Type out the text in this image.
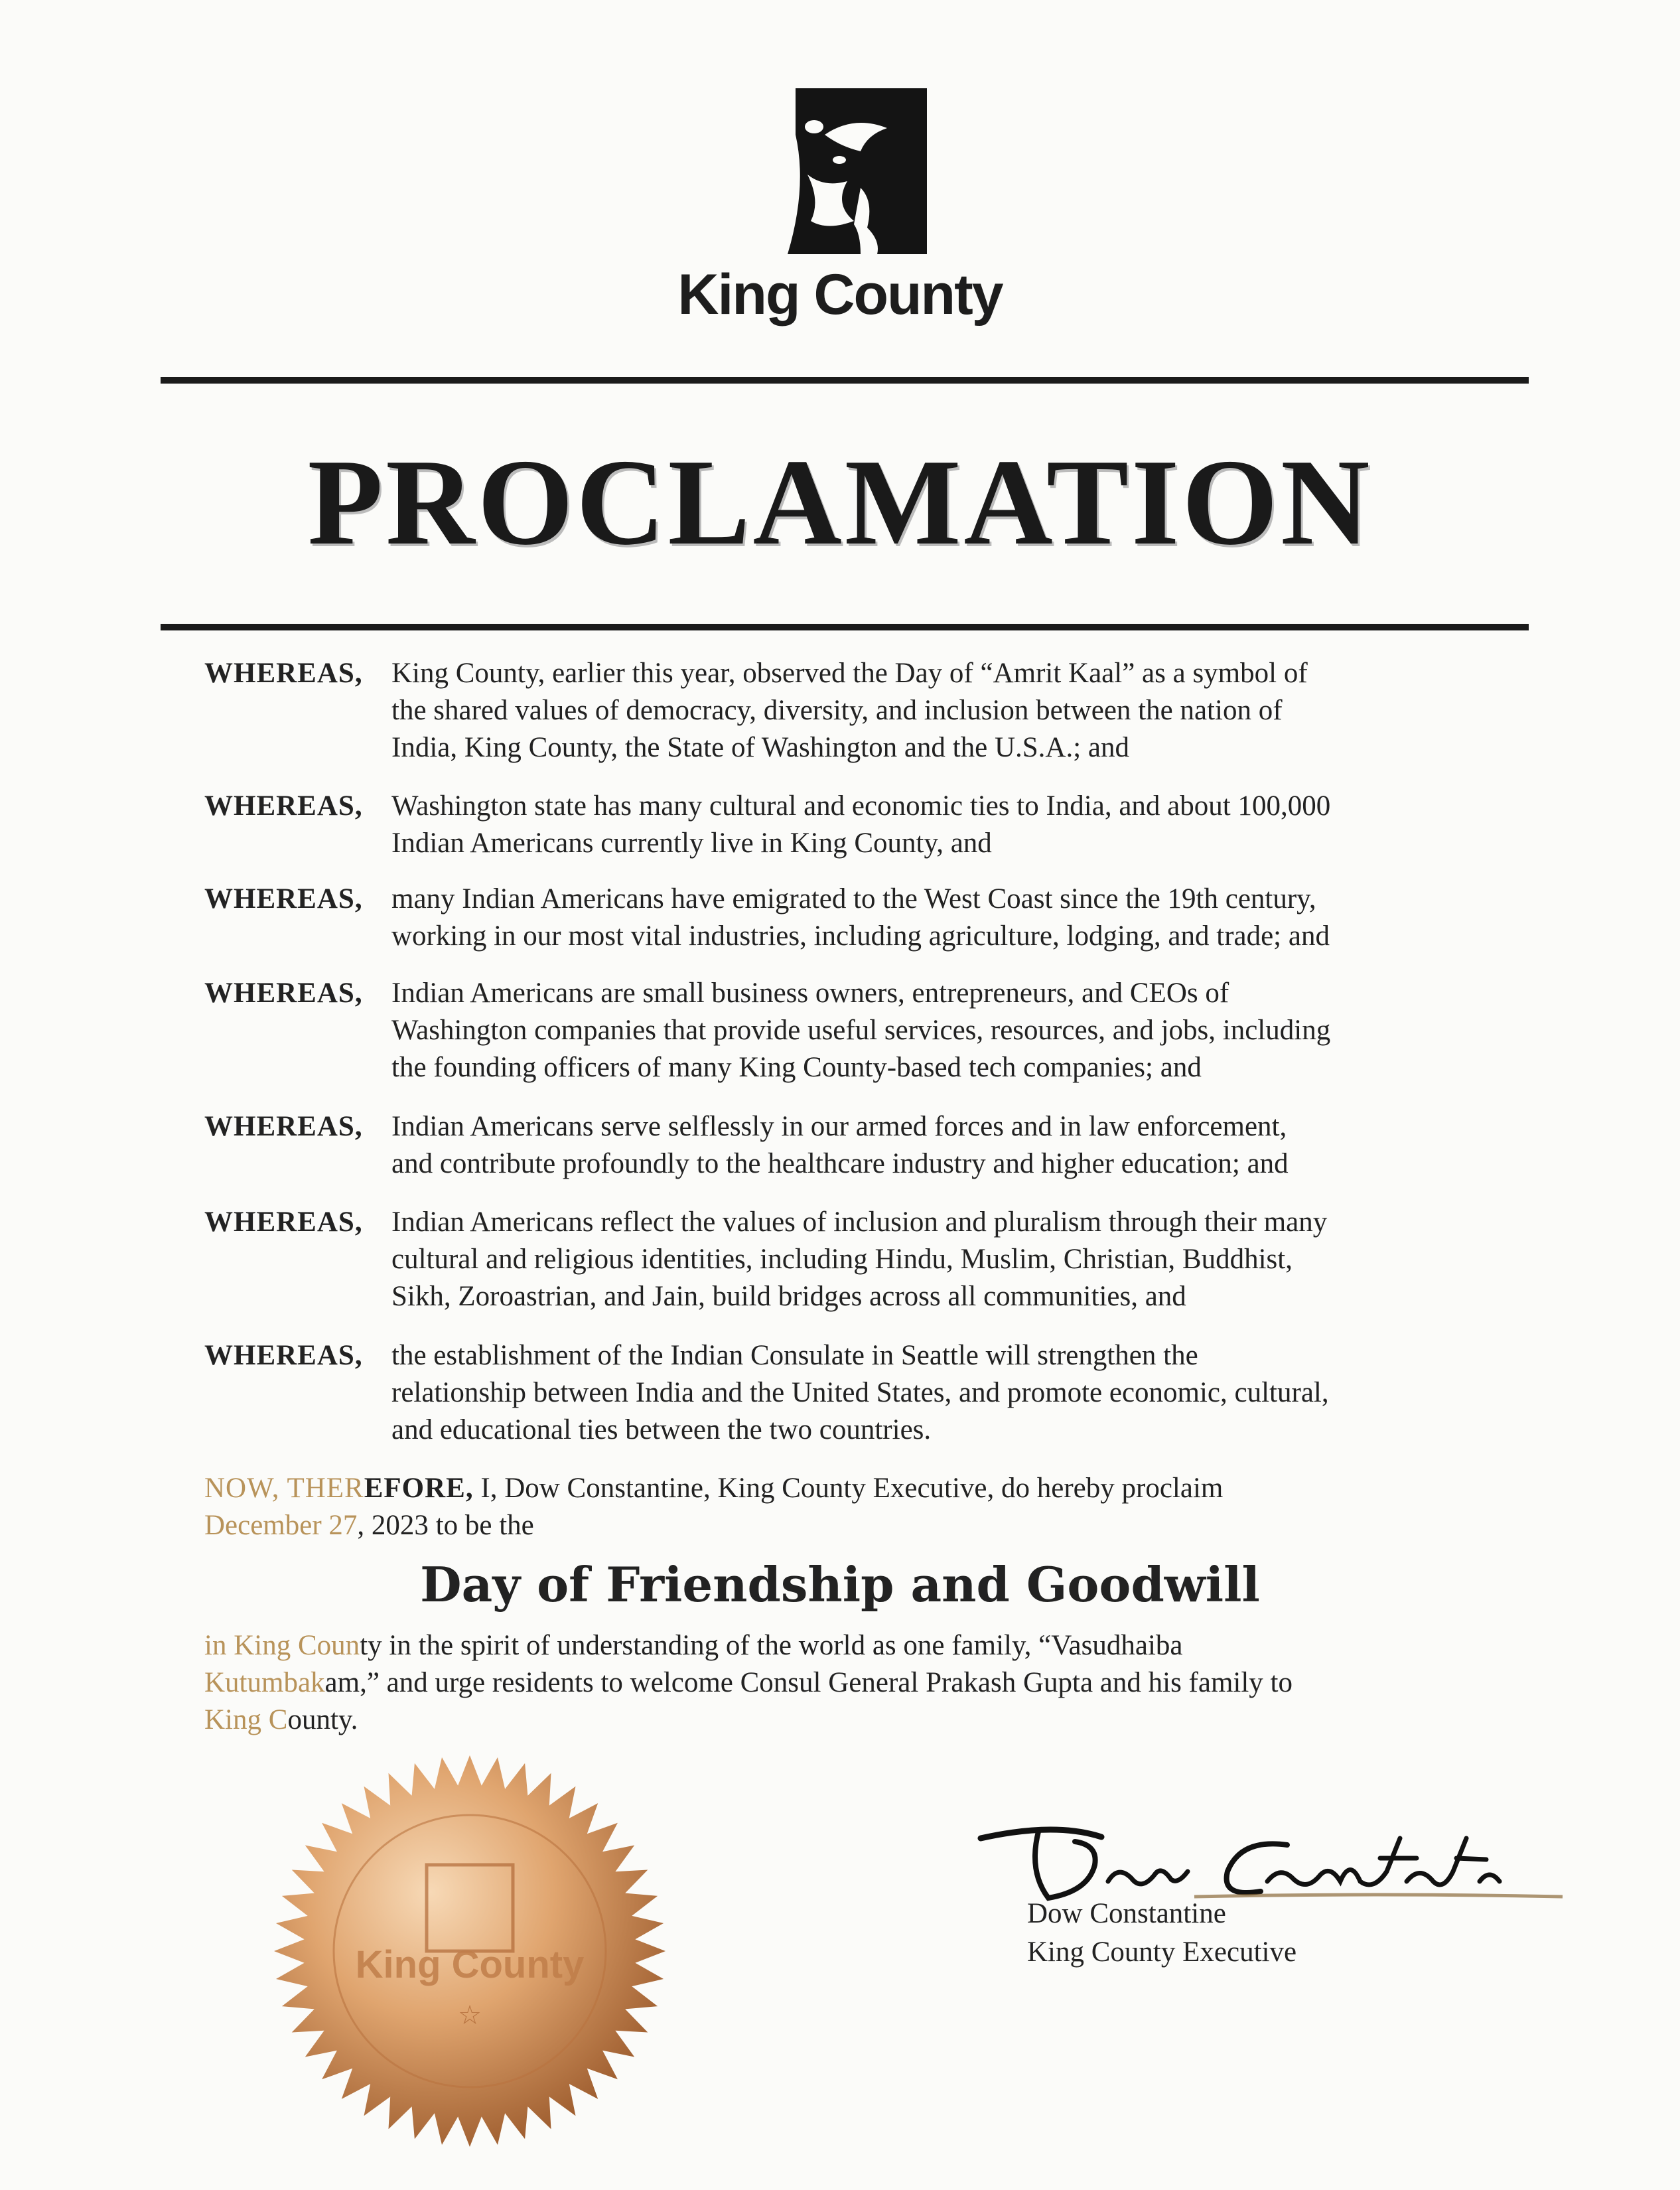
King County
PROCLAMATION
WHEREAS, King County, earlier this year, observed the Day of “Amrit Kaal” as a symbol of
the shared values of democracy, diversity, and inclusion between the nation of
India, King County, the State of Washington and the U.S.A.; and
WHEREAS, Washington state has many cultural and economic ties to India, and about 100,000
Indian Americans currently live in King County, and
WHEREAS, many Indian Americans have emigrated to the West Coast since the 19th century,
working in our most vital industries, including agriculture, lodging, and trade; and
WHEREAS, Indian Americans are small business owners, entrepreneurs, and CEOs of
Washington companies that provide useful services, resources, and jobs, including
the founding officers of many King County-based tech companies; and
WHEREAS, Indian Americans serve selflessly in our armed forces and in law enforcement,
and contribute profoundly to the healthcare industry and higher education; and
WHEREAS, Indian Americans reflect the values of inclusion and pluralism through their many
cultural and religious identities, including Hindu, Muslim, Christian, Buddhist,
Sikh, Zoroastrian, and Jain, build bridges across all communities, and
WHEREAS, the establishment of the Indian Consulate in Seattle will strengthen the
relationship between India and the United States, and promote economic, cultural,
and educational ties between the two countries.
NOW, THEREFORE, I, Dow Constantine, King County Executive, do hereby proclaim
December 27, 2023 to be the
Day of Friendship and Goodwill
in King County in the spirit of understanding of the world as one family, “Vasudhaiba
Kutumbakam,” and urge residents to welcome Consul General Prakash Gupta and his family to
King County.
King County
☆
Dow Constantine
King County Executive
